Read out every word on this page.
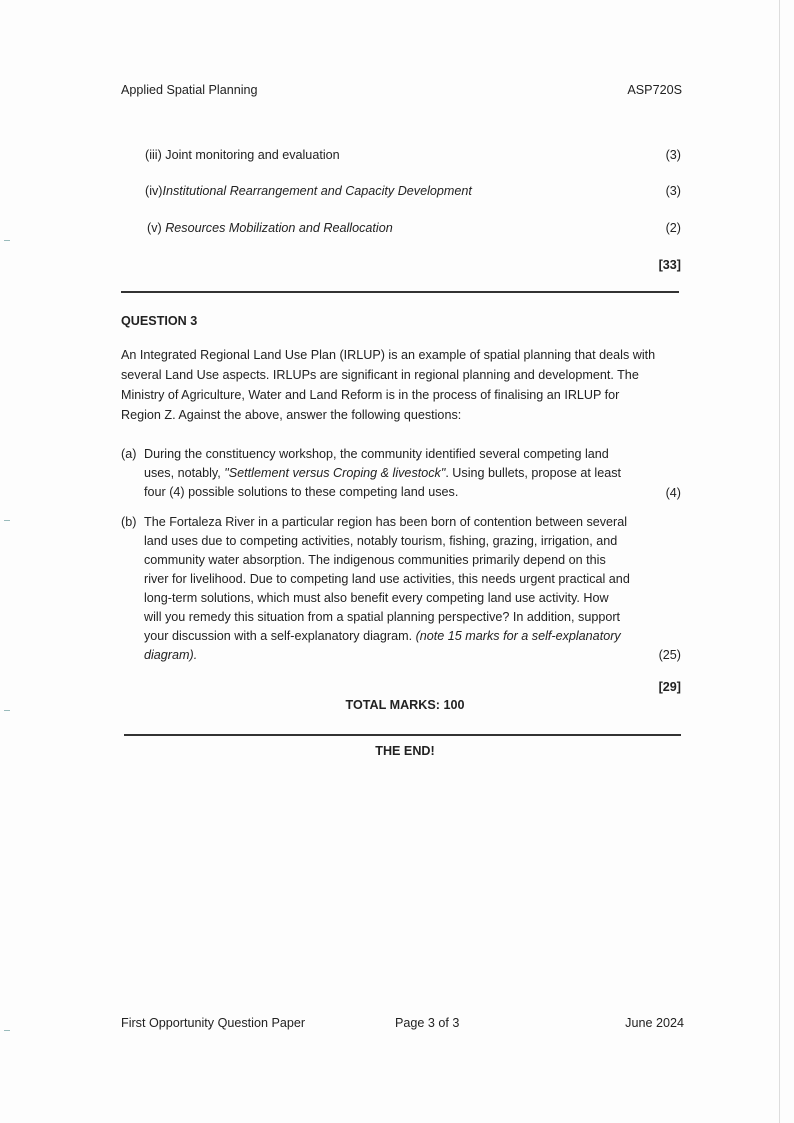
Applied Spatial Planning	ASP720S
(iii) Joint monitoring and evaluation	(3)
(iv)Institutional Rearrangement and Capacity Development	(3)
(v) Resources Mobilization and Reallocation	(2)
[33]
QUESTION 3
An Integrated Regional Land Use Plan (IRLUP) is an example of spatial planning that deals with
several Land Use aspects. IRLUPs are significant in regional planning and development. The
Ministry of Agriculture, Water and Land Reform is in the process of finalising an IRLUP for
Region Z. Against the above, answer the following questions:
(a) During the constituency workshop, the community identified several competing land
uses, notably, "Settlement versus Croping & livestock". Using bullets, propose at least
four (4) possible solutions to these competing land uses.	(4)
(b) The Fortaleza River in a particular region has been born of contention between several
land uses due to competing activities, notably tourism, fishing, grazing, irrigation, and
community water absorption. The indigenous communities primarily depend on this
river for livelihood. Due to competing land use activities, this needs urgent practical and
long-term solutions, which must also benefit every competing land use activity. How
will you remedy this situation from a spatial planning perspective? In addition, support
your discussion with a self-explanatory diagram. (note 15 marks for a self-explanatory
diagram).	(25)
[29]
TOTAL MARKS: 100
THE END!
First Opportunity Question Paper	Page 3 of 3	June 2024
